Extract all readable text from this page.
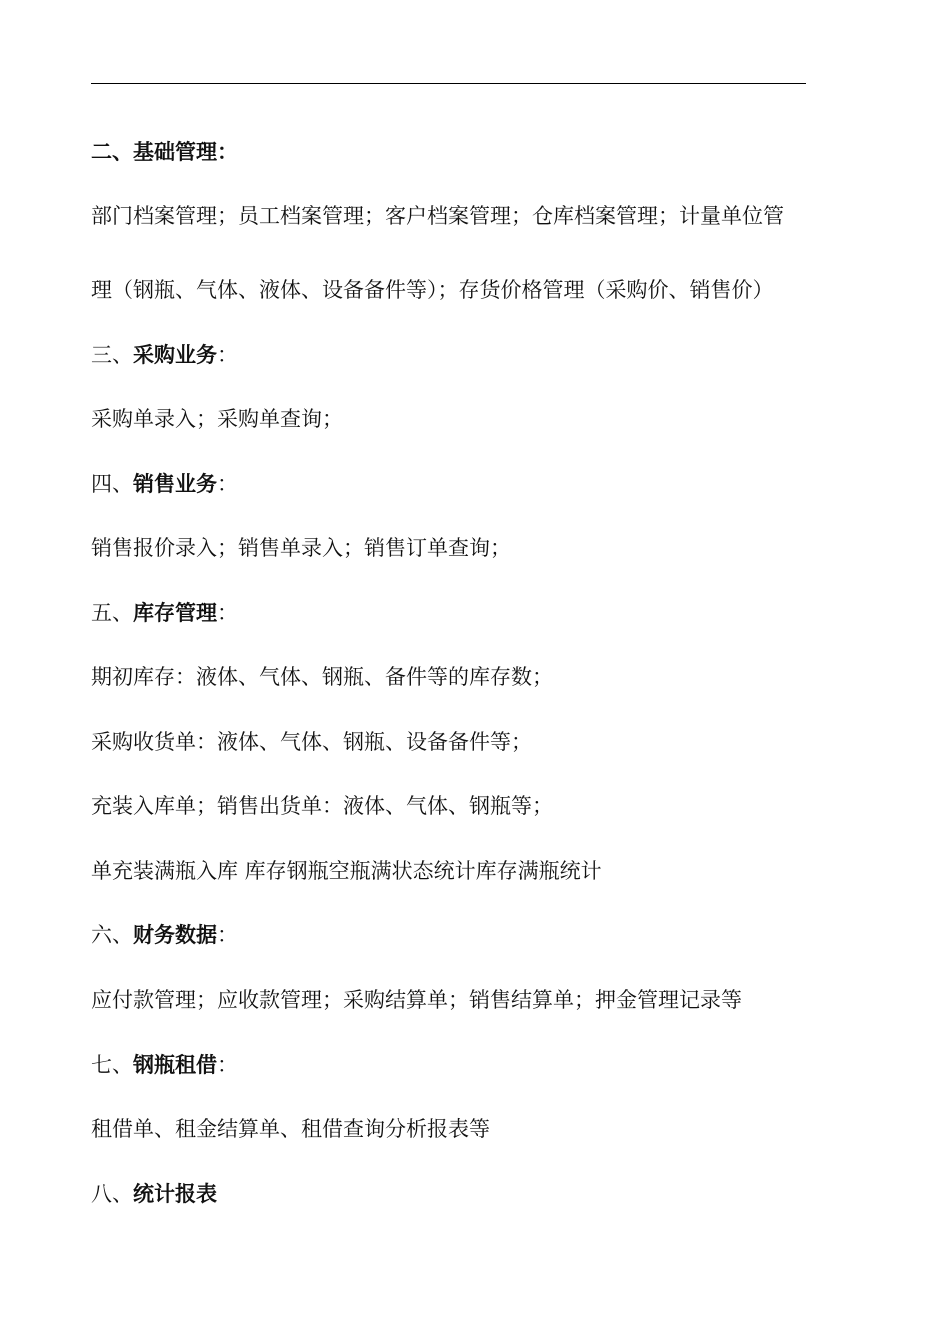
二、基础管理：
部门档案管理；员工档案管理；客户档案管理；仓库档案管理；计量单位管
理（钢瓶、气体、液体、设备备件等）；存货价格管理（采购价、销售价）
三、采购业务：
采购单录入；采购单查询；
四、销售业务：
销售报价录入；销售单录入；销售订单查询；
五、库存管理：
期初库存：液体、气体、钢瓶、备件等的库存数；
采购收货单：液体、气体、钢瓶、设备备件等；
充装入库单；销售出货单：液体、气体、钢瓶等；
单充装满瓶入库 库存钢瓶空瓶满状态统计库存满瓶统计
六、财务数据：
应付款管理；应收款管理；采购结算单；销售结算单；押金管理记录等
七、钢瓶租借：
租借单、租金结算单、租借查询分析报表等
八、统计报表
